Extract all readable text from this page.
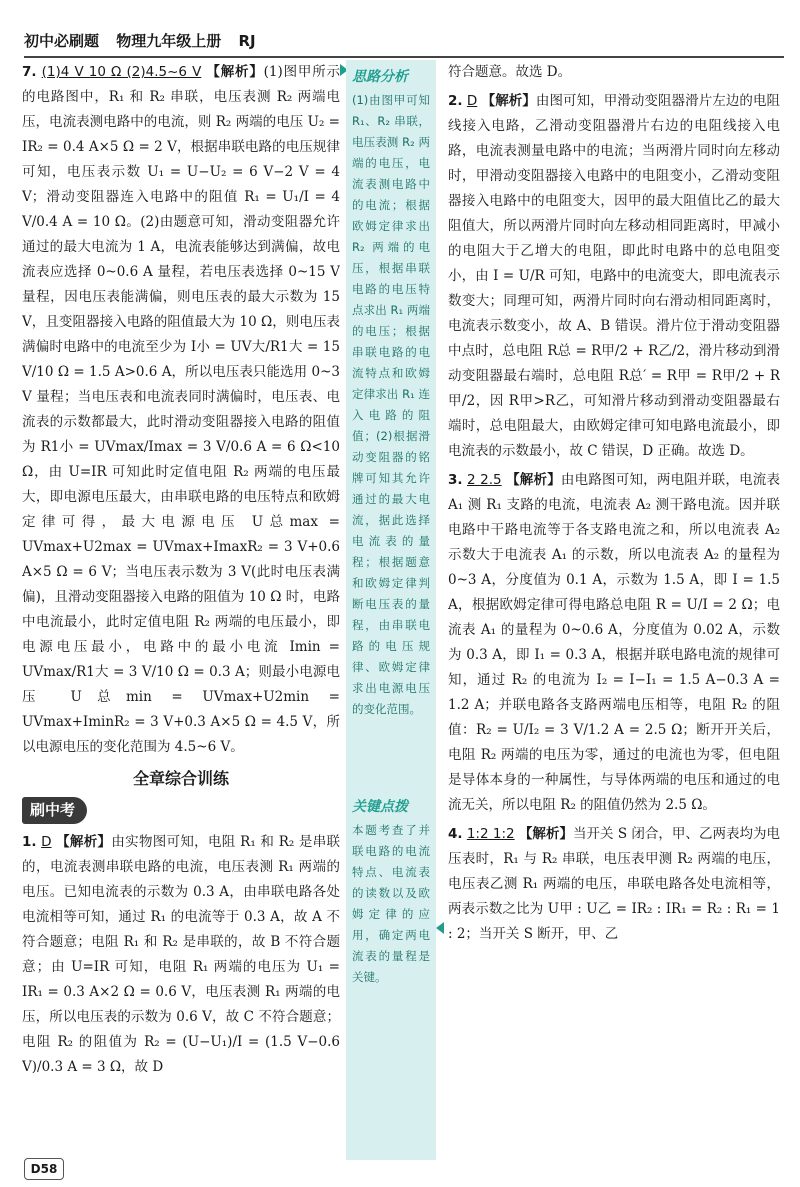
初中必刷题 物理九年级上册 RJ

7. (1)4 V 10 Ω (2)4.5~6 V 【解析】(1)图甲所示的电路图中，R₁ 和 R₂ 串联，电压表测 R₂ 两端电压，电流表测电路中的电流，则 R₂ 两端的电压 U₂ = IR₂ = 0.4 A×5 Ω = 2 V，根据串联电路的电压规律可知，电压表示数 U₁ = U−U₂ = 6 V−2 V = 4 V；滑动变阻器连入电路中的阻值 R₁ = U₁/I = 4 V/0.4 A = 10 Ω。(2)由题意可知，滑动变阻器允许通过的最大电流为 1 A，电流表能够达到满偏，故电流表应选择 0~0.6 A 量程，若电压表选择 0~15 V 量程，因电压表能满偏，则电压表的最大示数为 15 V，且变阻器接入电路的阻值最大为 10 Ω，则电压表满偏时电路中的电流至少为 I小 = UV大/R1大 = 15 V/10 Ω = 1.5 A>0.6 A，所以电压表只能选用 0~3 V 量程；当电压表和电流表同时满偏时，电压表、电流表的示数都最大，此时滑动变阻器接入电路的阻值为 R1小 = UVmax/Imax = 3 V/0.6 A = 6 Ω<10 Ω，由 U=IR 可知此时定值电阻 R₂ 两端的电压最大，即电源电压最大，由串联电路的电压特点和欧姆定律可得，最大电源电压 U总max = UVmax+U2max = UVmax+ImaxR₂ = 3 V+0.6 A×5 Ω = 6 V；当电压表示数为 3 V(此时电压表满偏)，且滑动变阻器接入电路的阻值为 10 Ω 时，电路中电流最小，此时定值电阻 R₂ 两端的电压最小，即电源电压最小，电路中的最小电流 Imin = UVmax/R1大 = 3 V/10 Ω = 0.3 A；则最小电源电压 U总min = UVmax+U2min = UVmax+IminR₂ = 3 V+0.3 A×5 Ω = 4.5 V，所以电源电压的变化范围为 4.5~6 V。

全章综合训练
刷中考

1. D 【解析】由实物图可知，电阻 R₁ 和 R₂ 是串联的，电流表测串联电路的电流，电压表测 R₁ 两端的电压。已知电流表的示数为 0.3 A，由串联电路各处电流相等可知，通过 R₁ 的电流等于 0.3 A，故 A 不符合题意；电阻 R₁ 和 R₂ 是串联的，故 B 不符合题意；由 U=IR 可知，电阻 R₁ 两端的电压为 U₁ = IR₁ = 0.3 A×2 Ω = 0.6 V，电压表测 R₁ 两端的电压，所以电压表的示数为 0.6 V，故 C 不符合题意；电阻 R₂ 的阻值为 R₂ = (U−U₁)/I = (1.5 V−0.6 V)/0.3 A = 3 Ω，故 D

思路分析
(1)由图甲可知 R₁、R₂ 串联，电压表测 R₂ 两端的电压，电流表测电路中的电流；根据欧姆定律求出 R₂ 两端的电压，根据串联电路的电压特点求出 R₁ 两端的电压；根据串联电路的电流特点和欧姆定律求出 R₁ 连入电路的阻值；(2)根据滑动变阻器的铭牌可知其允许通过的最大电流，据此选择电流表的量程；根据题意和欧姆定律判断电压表的量程，由串联电路的电压规律、欧姆定律求出电源电压的变化范围。
关键点拨
本题考查了并联电路的电流特点、电流表的读数以及欧姆定律的应用，确定两电流表的量程是关键。

符合题意。故选 D。

2. D 【解析】由图可知，甲滑动变阻器滑片左边的电阻线接入电路，乙滑动变阻器滑片右边的电阻线接入电路，电流表测量电路中的电流；当两滑片同时向左移动时，甲滑动变阻器接入电路中的电阻变小，乙滑动变阻器接入电路中的电阻变大，因甲的最大阻值比乙的最大阻值大，所以两滑片同时向左移动相同距离时，甲减小的电阻大于乙增大的电阻，即此时电路中的总电阻变小，由 I = U/R 可知，电路中的电流变大，即电流表示数变大；同理可知，两滑片同时向右滑动相同距离时，电流表示数变小，故 A、B 错误。滑片位于滑动变阻器中点时，总电阻 R总 = R甲/2 + R乙/2，滑片移动到滑动变阻器最右端时，总电阻 R总′ = R甲 = R甲/2 + R甲/2，因 R甲>R乙，可知滑片移动到滑动变阻器最右端时，总电阻最大，由欧姆定律可知电路电流最小，即电流表的示数最小，故 C 错误，D 正确。故选 D。

3. 2 2.5 【解析】由电路图可知，两电阻并联，电流表 A₁ 测 R₁ 支路的电流，电流表 A₂ 测干路电流。因并联电路中干路电流等于各支路电流之和，所以电流表 A₂ 示数大于电流表 A₁ 的示数，所以电流表 A₂ 的量程为 0~3 A，分度值为 0.1 A，示数为 1.5 A，即 I = 1.5 A，根据欧姆定律可得电路总电阻 R = U/I = 2 Ω；电流表 A₁ 的量程为 0~0.6 A，分度值为 0.02 A，示数为 0.3 A，即 I₁ = 0.3 A，根据并联电路电流的规律可知，通过 R₂ 的电流为 I₂ = I−I₁ = 1.5 A−0.3 A = 1.2 A；并联电路各支路两端电压相等，电阻 R₂ 的阻值：R₂ = U/I₂ = 3 V/1.2 A = 2.5 Ω；断开开关后，电阻 R₂ 两端的电压为零，通过的电流也为零，但电阻是导体本身的一种属性，与导体两端的电压和通过的电流无关，所以电阻 R₂ 的阻值仍然为 2.5 Ω。

4. 1:2 1:2 【解析】当开关 S 闭合，甲、乙两表均为电压表时，R₁ 与 R₂ 串联，电压表甲测 R₂ 两端的电压，电压表乙测 R₁ 两端的电压，串联电路各处电流相等，两表示数之比为 U甲 : U乙 = IR₂ : IR₁ = R₂ : R₁ = 1 : 2；当开关 S 断开，甲、乙

D58
